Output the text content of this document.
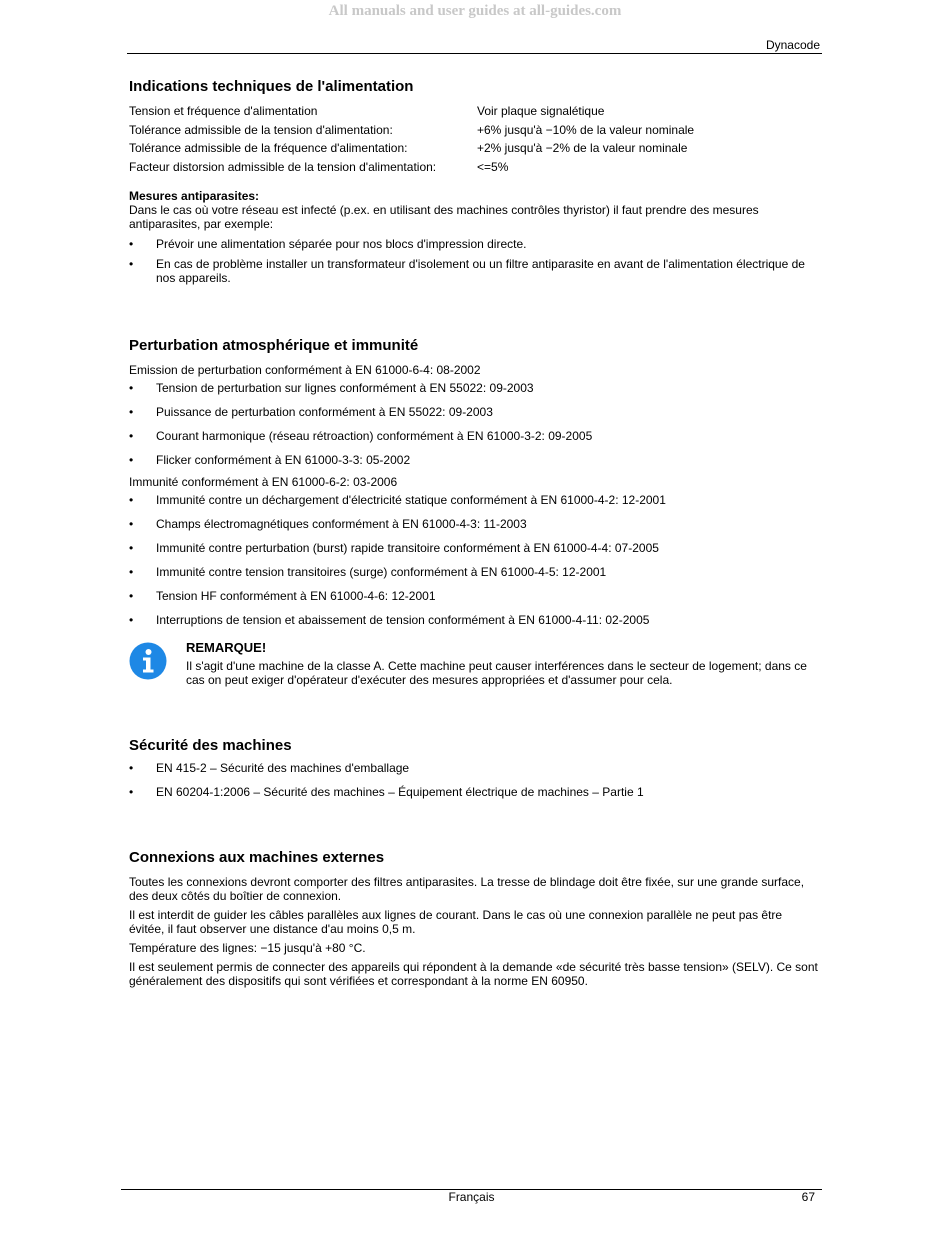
All manuals and user guides at all-guides.com
Dynacode
Indications techniques de l'alimentation
Tension et fréquence d'alimentation	Voir plaque signalétique
Tolérance admissible de la tension d'alimentation:	+6% jusqu'à −10% de la valeur nominale
Tolérance admissible de la fréquence d'alimentation:	+2% jusqu'à −2% de la valeur nominale
Facteur distorsion admissible de la tension d'alimentation:	<=5%
Mesures antiparasites:

Dans le cas où votre réseau est infecté (p.ex. en utilisant des machines contrôles thyristor) il faut prendre des mesures antiparasites, par exemple:

• Prévoir une alimentation séparée pour nos blocs d'impression directe.
• En cas de problème installer un transformateur d'isolement ou un filtre antiparasite en avant de l'alimentation électrique de nos appareils.
Perturbation atmosphérique et immunité

Emission de perturbation conformément à EN 61000-6-4: 08-2002

• Tension de perturbation sur lignes conformément à EN 55022: 09-2003
• Puissance de perturbation conformément à EN 55022: 09-2003
• Courant harmonique (réseau rétroaction) conformément à EN 61000-3-2: 09-2005
• Flicker conformément à EN 61000-3-3: 05-2002

Immunité conformément à EN 61000-6-2: 03-2006

• Immunité contre un déchargement d'électricité statique conformément à EN 61000-4-2: 12-2001
• Champs électromagnétiques conformément à EN 61000-4-3: 11-2003
• Immunité contre perturbation (burst) rapide transitoire conformément à EN 61000-4-4: 07-2005
• Immunité contre tension transitoires (surge) conformément à EN 61000-4-5: 12-2001
• Tension HF conformément à EN 61000-4-6: 12-2001
• Interruptions de tension et abaissement de tension conformément à EN 61000-4-11: 02-2005
REMARQUE!

Il s'agit d'une machine de la classe A. Cette machine peut causer interférences dans le secteur de logement; dans ce cas on peut exiger d'opérateur d'exécuter des mesures appropriées et d'assumer pour cela.

Sécurité des machines
• EN 415-2 – Sécurité des machines d'emballage
• EN 60204-1:2006 – Sécurité des machines – Équipement électrique de machines – Partie 1
Connexions aux machines externes

Toutes les connexions devront comporter des filtres antiparasites. La tresse de blindage doit être fixée, sur une grande surface, des deux côtés du boîtier de connexion.

Il est interdit de guider les câbles parallèles aux lignes de courant. Dans le cas où une connexion parallèle ne peut pas être évitée, il faut observer une distance d'au moins 0,5 m.

Température des lignes: −15 jusqu'à +80 °C.

Il est seulement permis de connecter des appareils qui répondent à la demande «de sécurité très basse tension» (SELV). Ce sont généralement des dispositifs qui sont vérifiées et correspondant à la norme EN 60950.

Français	67
